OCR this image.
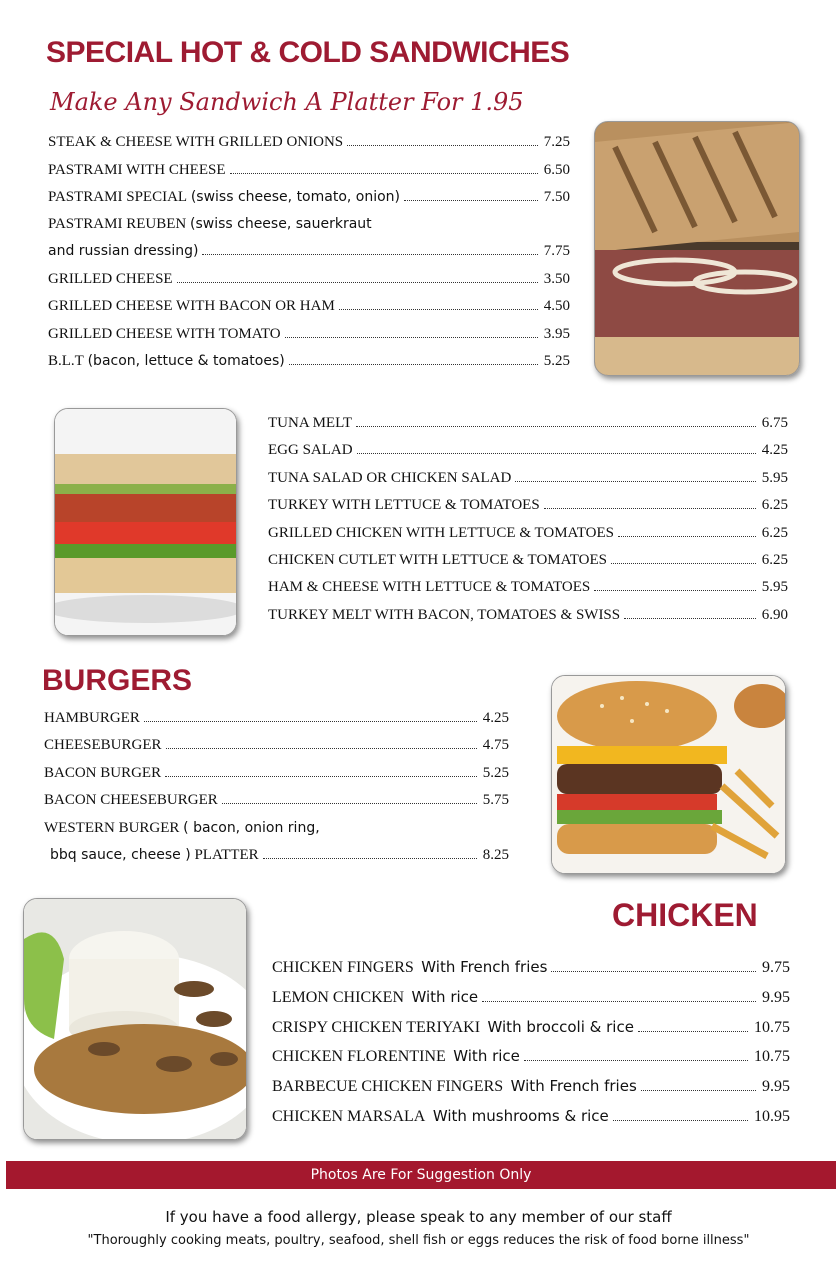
SPECIAL HOT & COLD SANDWICHES
Make Any Sandwich A Platter For 1.95
STEAK & CHEESE WITH GRILLED ONIONS	7.25
PASTRAMI WITH CHEESE	6.50
PASTRAMI SPECIAL
(swiss cheese, tomato, onion)	7.50
PASTRAMI REUBEN
(swiss cheese, sauerkraut
and russian dressing)	7.75
GRILLED CHEESE	3.50
GRILLED CHEESE WITH BACON OR HAM	4.50
GRILLED CHEESE WITH TOMATO	3.95
B.L.T
(bacon, lettuce & tomatoes)	5.25
TUNA MELT	6.75
EGG SALAD	4.25
TUNA SALAD OR CHICKEN SALAD	5.95
TURKEY WITH LETTUCE & TOMATOES	6.25
GRILLED CHICKEN WITH LETTUCE & TOMATOES	6.25
CHICKEN CUTLET WITH LETTUCE & TOMATOES	6.25
HAM & CHEESE WITH LETTUCE & TOMATOES	5.95
TURKEY MELT WITH BACON, TOMATOES & SWISS	6.90
BURGERS
HAMBURGER	4.25
CHEESEBURGER	4.75
BACON BURGER	5.25
BACON CHEESEBURGER	5.75
WESTERN BURGER
( bacon, onion ring,
bbq sauce, cheese )
PLATTER	8.25
CHICKEN
CHICKEN FINGERS
With French fries	9.75
LEMON CHICKEN
With rice	9.95
CRISPY CHICKEN TERIYAKI
With broccoli & rice	10.75
CHICKEN FLORENTINE
With rice	10.75
BARBECUE CHICKEN FINGERS
With French fries	9.95
CHICKEN MARSALA
With mushrooms & rice	10.95
Photos Are For Suggestion Only
If you have a food allergy, please speak to any member of our staff
"Thoroughly cooking meats, poultry, seafood, shell fish or eggs reduces the risk of food borne illness"
